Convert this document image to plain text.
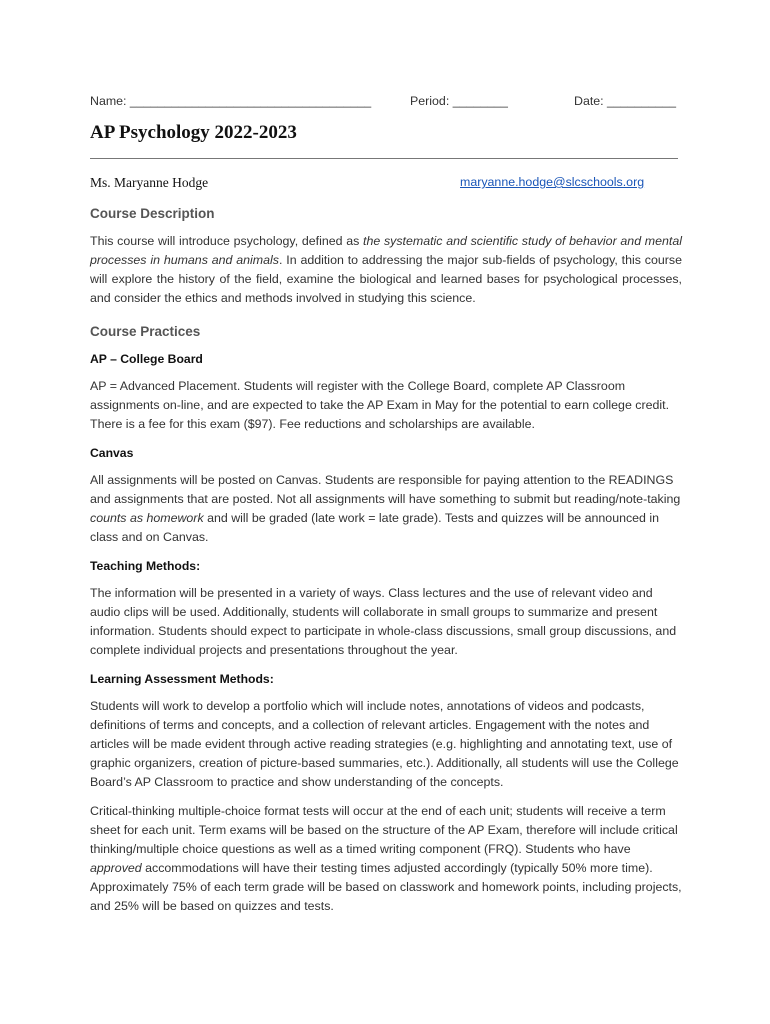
Name: ___________________________________	Period: ________	Date: __________
AP Psychology 2022-2023
Ms. Maryanne Hodge	maryanne.hodge@slcschools.org
Course Description

This course will introduce psychology, defined as the systematic and scientific study of behavior and mental processes in humans and animals. In addition to addressing the major sub-fields of psychology, this course will explore the history of the field, examine the biological and learned bases for psychological processes, and consider the ethics and methods involved in studying this science.

Course Practices
AP – College Board

AP = Advanced Placement. Students will register with the College Board, complete AP Classroom assignments on-line, and are expected to take the AP Exam in May for the potential to earn college credit. There is a fee for this exam ($97). Fee reductions and scholarships are available.

Canvas

All assignments will be posted on Canvas. Students are responsible for paying attention to the READINGS and assignments that are posted. Not all assignments will have something to submit but reading/note-taking counts as homework and will be graded (late work = late grade). Tests and quizzes will be announced in class and on Canvas.

Teaching Methods:

The information will be presented in a variety of ways. Class lectures and the use of relevant video and audio clips will be used. Additionally, students will collaborate in small groups to summarize and present information. Students should expect to participate in whole-class discussions, small group discussions, and complete individual projects and presentations throughout the year.

Learning Assessment Methods:

Students will work to develop a portfolio which will include notes, annotations of videos and podcasts, definitions of terms and concepts, and a collection of relevant articles. Engagement with the notes and articles will be made evident through active reading strategies (e.g. highlighting and annotating text, use of graphic organizers, creation of picture-based summaries, etc.). Additionally, all students will use the College Board’s AP Classroom to practice and show understanding of the concepts.

Critical-thinking multiple-choice format tests will occur at the end of each unit; students will receive a term sheet for each unit. Term exams will be based on the structure of the AP Exam, therefore will include critical thinking/multiple choice questions as well as a timed writing component (FRQ). Students who have approved accommodations will have their testing times adjusted accordingly (typically 50% more time). Approximately 75% of each term grade will be based on classwork and homework points, including projects, and 25% will be based on quizzes and tests.
